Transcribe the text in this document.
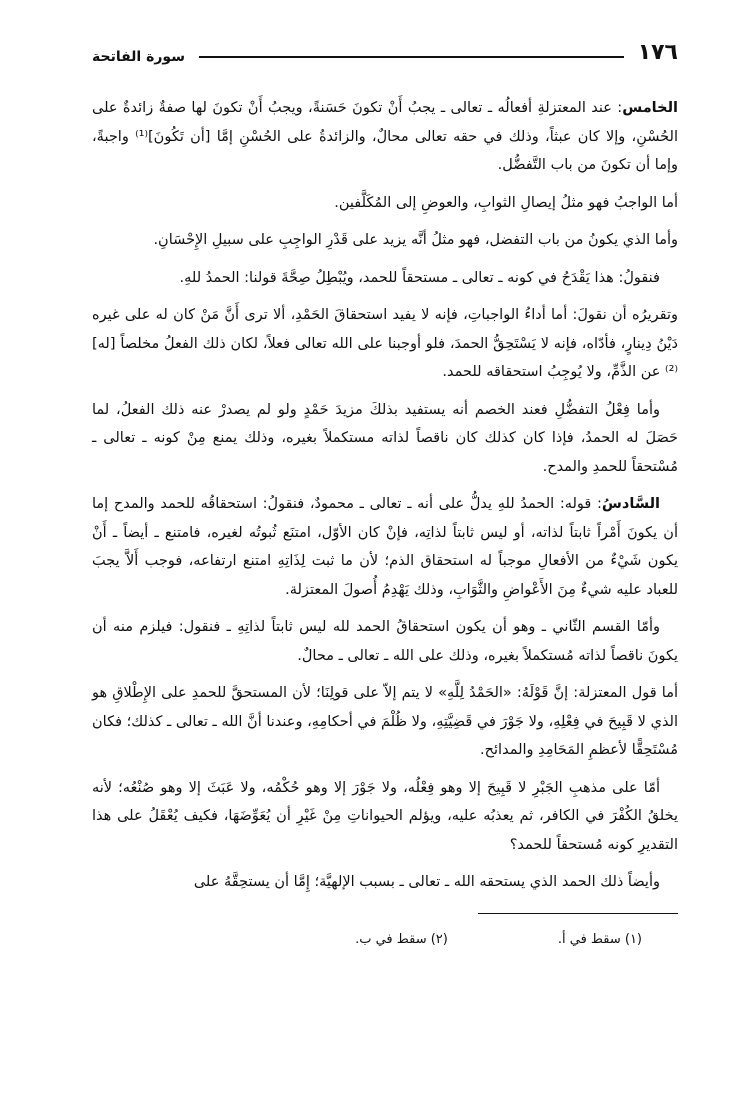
١٧٦
سورة الفاتحة

الخامس: عند المعتزلةِ أفعالُه ـ تعالى ـ يجبُ أَنْ تكونَ حَسَنةً، ويجبُ أَنْ تكونَ لها صفةٌ زائدةٌ على الحُسْنِ، وإلا كان عبثاً، وذلك في حقه تعالى محالٌ، والزائدةُ على الحُسْنِ إمَّا [أن تَكُونَ]⁽¹⁾ واجبةً، وإما أن تكونَ من باب التَّفضُّل.

أما الواجبُ فهو مثلُ إيصالِ الثوابِ، والعوضِ إلى المُكَلَّفين.

وأما الذي يكونُ من باب التفضل، فهو مثلُ أنَّه يزيد على قَدْرِ الواجِبِ على سبيلِ الإِحْسَانِ.

فنقولُ: هذا يَقْدَحُ في كونه ـ تعالى ـ مستحقاً للحمد، ويُبْطِلُ صِحَّةَ قولنا: الحمدُ للهِ.

وتقريرُه أن نقولَ: أما أداءُ الواجباتِ، فإنه لا يفيد استحقاقَ الحَمْدِ، ألا ترى أَنَّ مَنْ كان له على غيره دَيْنُ دِينارٍ، فأدّاه، فإنه لا يَسْتَحِقُّ الحمدَ، فلو أوجبنا على الله تعالى فعلاً، لكان ذلك الفعلُ مخلصاً [له]⁽²⁾ عن الذَّمِّ، ولا يُوجِبُ استحقاقه للحمد.

وأما فِعْلُ التفضُّلِ فعند الخصم أنه يستفيد بذلكَ مزيدَ حَمْدٍ ولو لم يصدرْ عنه ذلك الفعلُ، لما حَصَلَ له الحمدُ، فإذا كان كذلك كان ناقصاً لذاته مستكملاً بغيره، وذلك يمنع مِنْ كونه ـ تعالى ـ مُسْتحقاً للحمدِ والمدح.

السَّادسُ: قوله: الحمدُ للهِ يدلُّ على أنه ـ تعالى ـ محمودٌ، فنقولُ: استحقاقُه للحمد والمدح إما أن يكونَ أَمْراً ثابتاً لذاته، أو ليس ثابتاً لذاتِه، فإنْ كان الأوّل، امتنَع ثُبوتُه لغيره، فامتنع ـ أيضاً ـ أَنْ يكون شَيْءٌ من الأفعالِ موجباً له استحقاق الذم؛ لأن ما ثبت لِذَاتِهِ امتنع ارتفاعه، فوجب أَلاَّ يجبَ للعباد عليه شيءٌ مِنَ الأَعْواضِ والثَّوَابِ، وذلك يَهْدِمُ أُصولَ المعتزلة.

وأمّا القسم الثّاني ـ وهو أن يكون استحقاقُ الحمد لله ليس ثابتاً لذاتِهِ ـ فنقول: فيلزم منه أن يكونَ ناقصاً لذاته مُستكملاً بغيره، وذلك على الله ـ تعالى ـ محالٌ.

أما قول المعتزلة: إنَّ قَوْلَهُ: «الحَمْدُ لِلَّهِ» لا يتم إلاّ على قولِنَا؛ لأن المستحقَّ للحمدِ على الإِطْلاقِ هو الذي لا قَبِيحَ في فِعْلِهِ، ولا جَوْرَ في قَضِيَّتِهِ، ولا ظُلْمَ في أحكامِهِ، وعندنا أنَّ الله ـ تعالى ـ كذلك؛ فكان مُسْتَحِقًّا لأعظمِ المَحَامِدِ والمدائح.

أمّا على مذهبِ الجَبْرِ لا قَبِيحَ إلا وهو فِعْلُه، ولا جَوْرَ إلا وهو حُكْمُه، ولا عَبَثَ إلا وهو صُنْعُه؛ لأنه يخلقُ الكُفْرَ في الكافر، ثم يعذبُه عليه، ويؤلم الحيواناتِ مِنْ غَيْرِ أن يُعَوِّضَهَا، فكيف يُعْقَلُ على هذا التقديرِ كونه مُستحقاً للحمد؟

وأيضاً ذلك الحمد الذي يستحقه الله ـ تعالى ـ بسبب الإلهيَّة؛ إِمَّا أن يستحِقَّهُ على

(١) سقط في أ.
(٢) سقط في ب.
